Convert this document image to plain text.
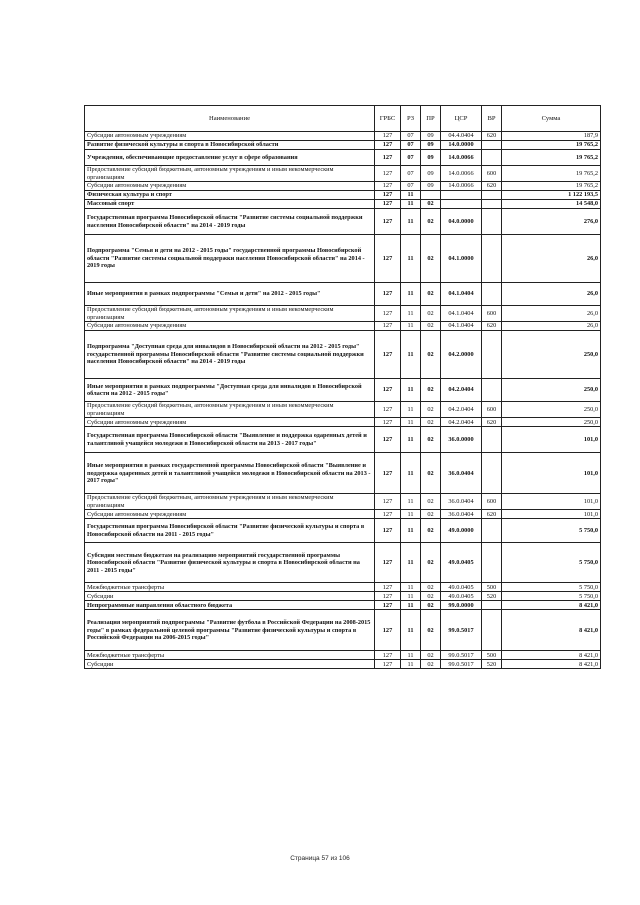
Наименование	ГРБС	РЗ	ПР	ЦСР	ВР	Сумма
Субсидии автономным учреждениям	127	07	09	04.4.0404	620	187,9
Развитие физической культуры и спорта в Новосибирской области	127	07	09	14.0.0000		19 765,2
Учреждения, обеспечивающие предоставление услуг в сфере образования	127	07	09	14.0.0066		19 765,2
Предоставление субсидий бюджетным, автономным учреждениям и иным некоммерческим организациям	127	07	09	14.0.0066	600	19 765,2
Субсидии автономным учреждениям	127	07	09	14.0.0066	620	19 765,2
Физическая культура и спорт	127	11				1 122 193,5
Массовый спорт	127	11	02			14 548,0
Государственная программа Новосибирской области "Развитие системы социальной поддержки населения Новосибирской области" на 2014 - 2019 годы	127	11	02	04.0.0000		276,0
Подпрограмма "Семья и дети на 2012 - 2015 годы" государственной программы Новосибирской области "Развитие системы социальной поддержки населения Новосибирской области" на 2014 - 2019 годы	127	11	02	04.1.0000		26,0
Иные мероприятия в рамках подпрограммы "Семья и дети" на 2012 - 2015 годы"	127	11	02	04.1.0404		26,0
Предоставление субсидий бюджетным, автономным учреждениям и иным некоммерческим организациям	127	11	02	04.1.0404	600	26,0
Субсидии автономным учреждениям	127	11	02	04.1.0404	620	26,0
Подпрограмма "Доступная среда для инвалидов в Новосибирской области на 2012 - 2015 годы" государственной программы Новосибирской области "Развитие системы социальной поддержки населения Новосибирской области" на 2014 - 2019 годы	127	11	02	04.2.0000		250,0
Иные мероприятия в рамках подпрограммы "Доступная среда для инвалидов в Новосибирской области на 2012 - 2015 годы"	127	11	02	04.2.0404		250,0
Предоставление субсидий бюджетным, автономным учреждениям и иным некоммерческим организациям	127	11	02	04.2.0404	600	250,0
Субсидии автономным учреждениям	127	11	02	04.2.0404	620	250,0
Государственная программа Новосибирской области "Выявление и поддержка одаренных детей и талантливой учащейся молодежи в Новосибирской области на 2013 - 2017 годы"	127	11	02	36.0.0000		101,0
Иные мероприятия в рамках государственной программы Новосибирской области "Выявление и поддержка одаренных детей и талантливой учащейся молодежи в Новосибирской области на 2013 - 2017 годы"	127	11	02	36.0.0404		101,0
Предоставление субсидий бюджетным, автономным учреждениям и иным некоммерческим организациям	127	11	02	36.0.0404	600	101,0
Субсидии автономным учреждениям	127	11	02	36.0.0404	620	101,0
Государственная программа Новосибирской области "Развитие физической культуры и спорта в Новосибирской области на 2011 - 2015 годы"	127	11	02	49.0.0000		5 750,0
Субсидии местным бюджетам на реализацию мероприятий государственной программы Новосибирской области "Развитие физической культуры и спорта в Новосибирской области на 2011 - 2015 годы"	127	11	02	49.0.0405		5 750,0
Межбюджетные трансферты	127	11	02	49.0.0405	500	5 750,0
Субсидии	127	11	02	49.0.0405	520	5 750,0
Непрограммные направления областного бюджета	127	11	02	99.0.0000		8 421,0
Реализация мероприятий подпрограммы "Развитие футбола в Российской Федерации на 2008-2015 годы" в рамках федеральной целевой программы "Развитие физической культуры и спорта в Российской Федерации на 2006-2015 годы"	127	11	02	99.0.5017		8 421,0
Межбюджетные трансферты	127	11	02	99.0.5017	500	8 421,0
Субсидии	127	11	02	99.0.5017	520	8 421,0
Страница 57 из 106
